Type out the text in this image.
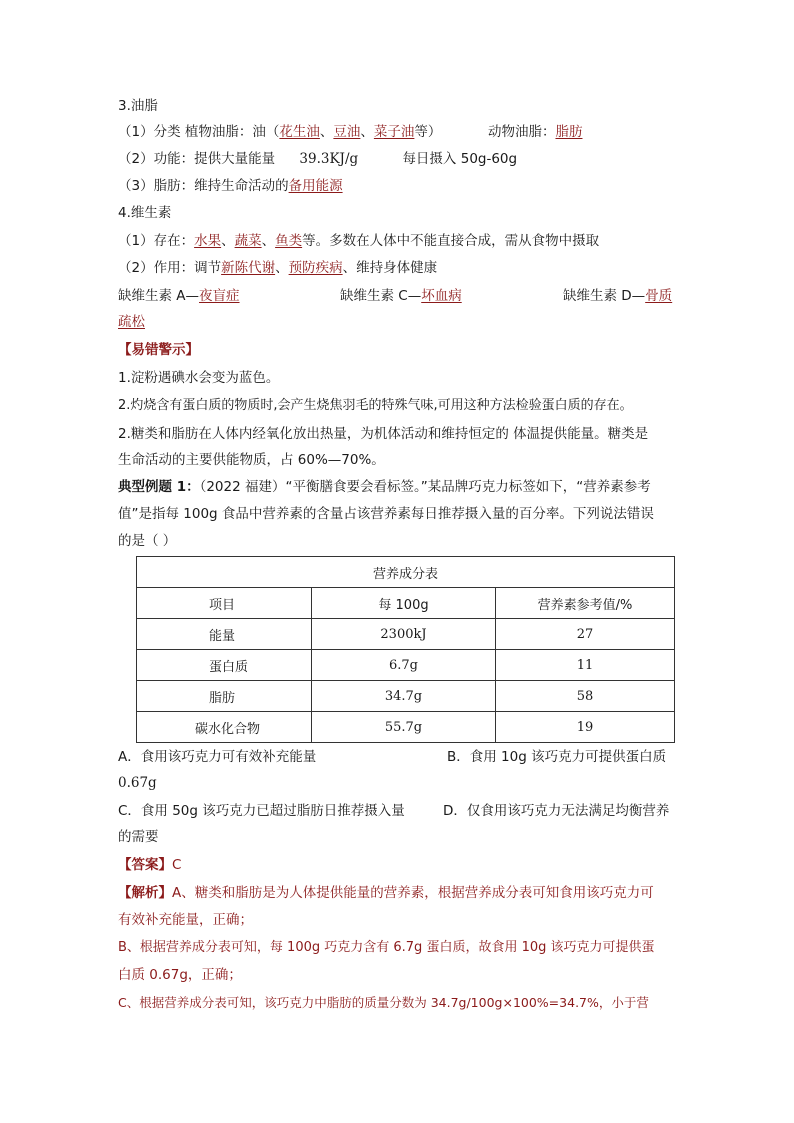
3.油脂
（1）分类 植物油脂：油（花生油、豆油、菜子油等）	动物油脂：脂肪
（2）功能：提供大量能量 39.3KJ/g	每日摄入 50g-60g
（3）脂肪：维持生命活动的备用能源
4.维生素
（1）存在：水果、蔬菜、鱼类等。多数在人体中不能直接合成，需从食物中摄取
（2）作用：调节新陈代谢、预防疾病、维持身体健康
缺维生素 A—夜盲症	缺维生素 C—坏血病	缺维生素 D—骨质
疏松
【易错警示】
1.淀粉遇碘水会变为蓝色。
2.灼烧含有蛋白质的物质时,会产生烧焦羽毛的特殊气味,可用这种方法检验蛋白质的存在。
2.糖类和脂肪在人体内经氧化放出热量，为机体活动和维持恒定的 体温提供能量。糖类是
生命活动的主要供能物质，占 60%—70%。
典型例题 1：（2022 福建）“平衡膳食要会看标签。”某品牌巧克力标签如下，“营养素参考
值”是指每 100g 食品中营养素的含量占该营养素每日推荐摄入量的百分率。下列说法错误
的是（ ）
营养成分表		
项目	每 100g	营养素参考值/%
能量	2300kJ	27
蛋白质	6.7g	11
脂肪	34.7g	58
碳水化合物	55.7g	19
A．食用该巧克力可有效补充能量	B．食用 10g 该巧克力可提供蛋白质
0.67g
C．食用 50g 该巧克力已超过脂肪日推荐摄入量	D．仅食用该巧克力无法满足均衡营养
的需要
【答案】C
【解析】A、糖类和脂肪是为人体提供能量的营养素，根据营养成分表可知食用该巧克力可
有效补充能量，正确；
B、根据营养成分表可知，每 100g 巧克力含有 6.7g 蛋白质，故食用 10g 该巧克力可提供蛋
白质 0.67g，正确；
C、根据营养成分表可知，该巧克力中脂肪的质量分数为 34.7g/100g×100%=34.7%，小于营
